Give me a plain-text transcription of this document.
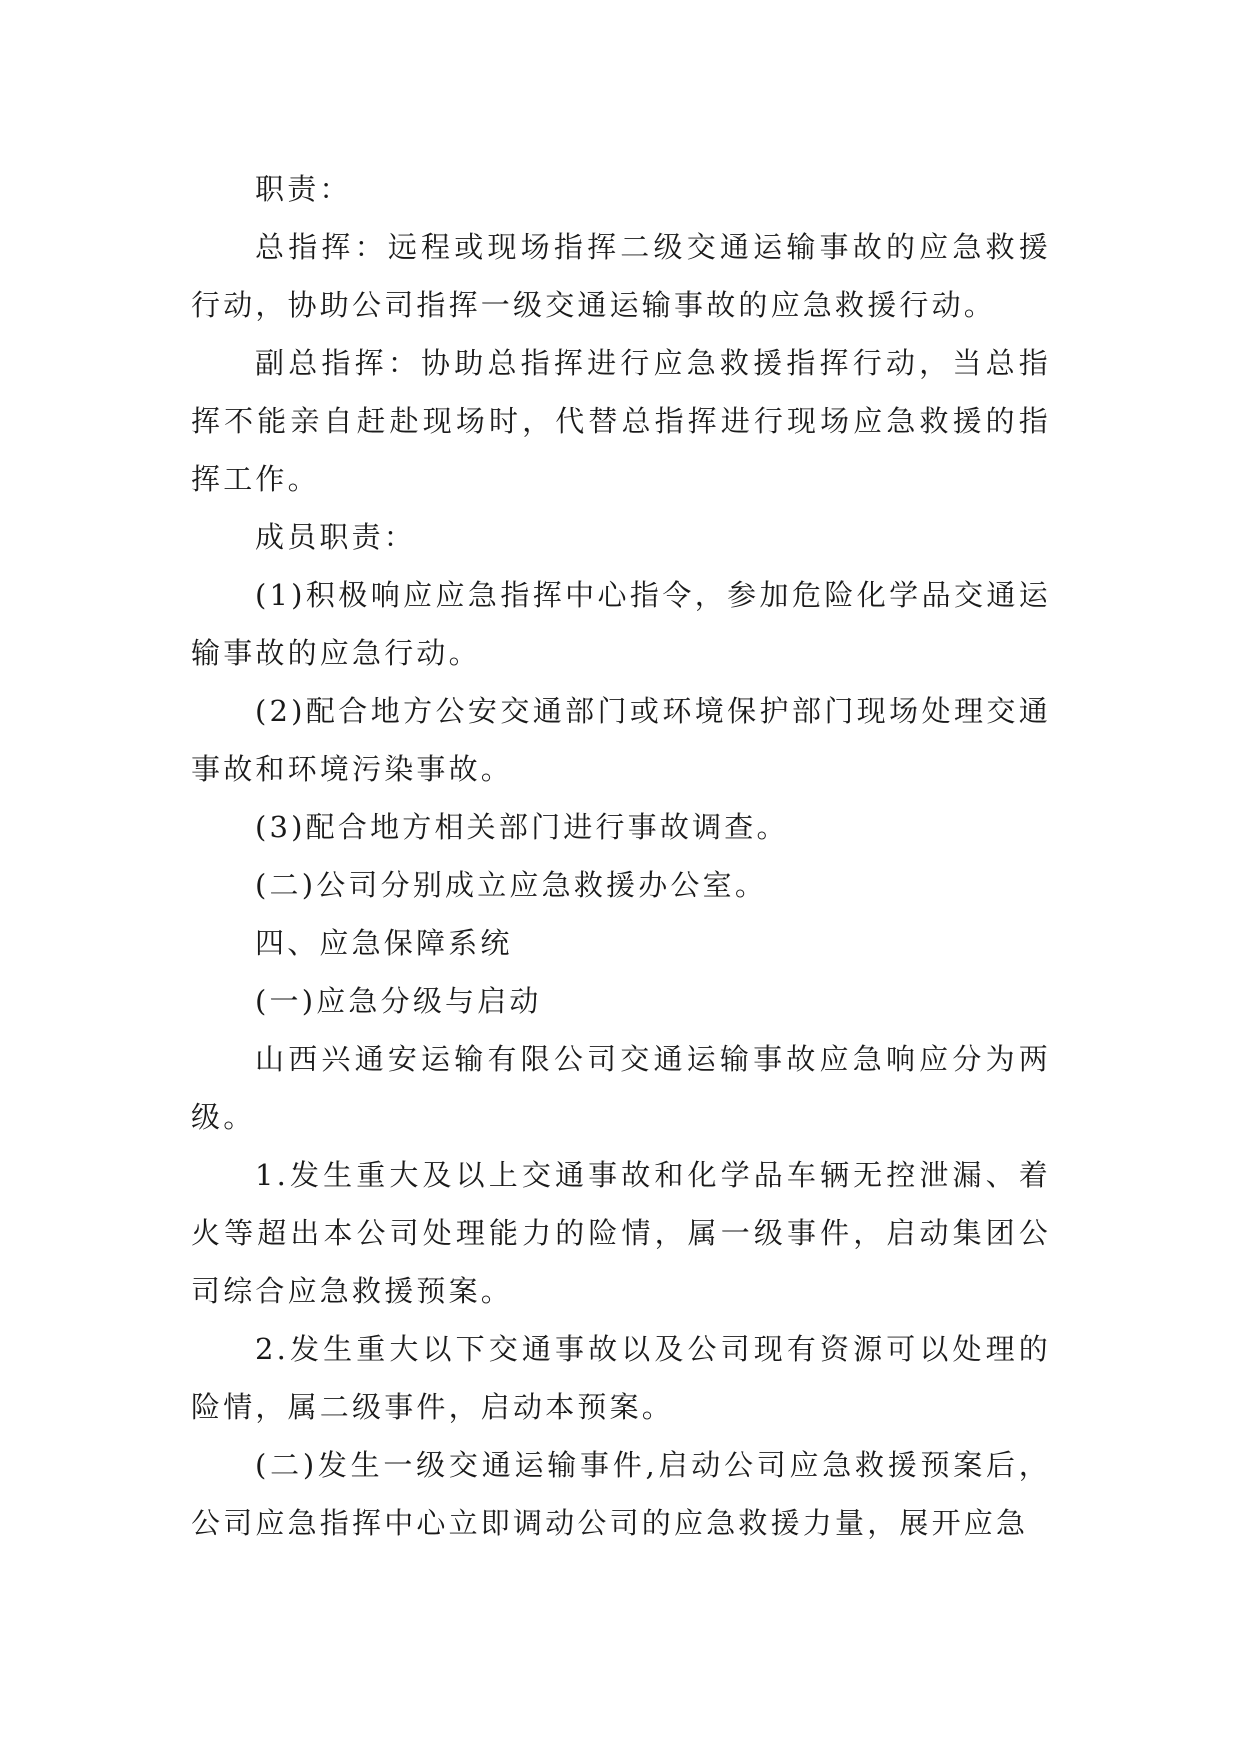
职责：

总指挥：远程或现场指挥二级交通运输事故的应急救援行动，协助公司指挥一级交通运输事故的应急救援行动。

副总指挥：协助总指挥进行应急救援指挥行动，当总指挥不能亲自赶赴现场时，代替总指挥进行现场应急救援的指挥工作。

成员职责：

(1)积极响应应急指挥中心指令，参加危险化学品交通运输事故的应急行动。

(2)配合地方公安交通部门或环境保护部门现场处理交通事故和环境污染事故。

(3)配合地方相关部门进行事故调查。

(二)公司分别成立应急救援办公室。

四、应急保障系统

(一)应急分级与启动

山西兴通安运输有限公司交通运输事故应急响应分为两级。

1.发生重大及以上交通事故和化学品车辆无控泄漏、着火等超出本公司处理能力的险情，属一级事件，启动集团公司综合应急救援预案。

2.发生重大以下交通事故以及公司现有资源可以处理的险情，属二级事件，启动本预案。

(二)发生一级交通运输事件,启动公司应急救援预案后，公司应急指挥中心立即调动公司的应急救援力量，展开应急
